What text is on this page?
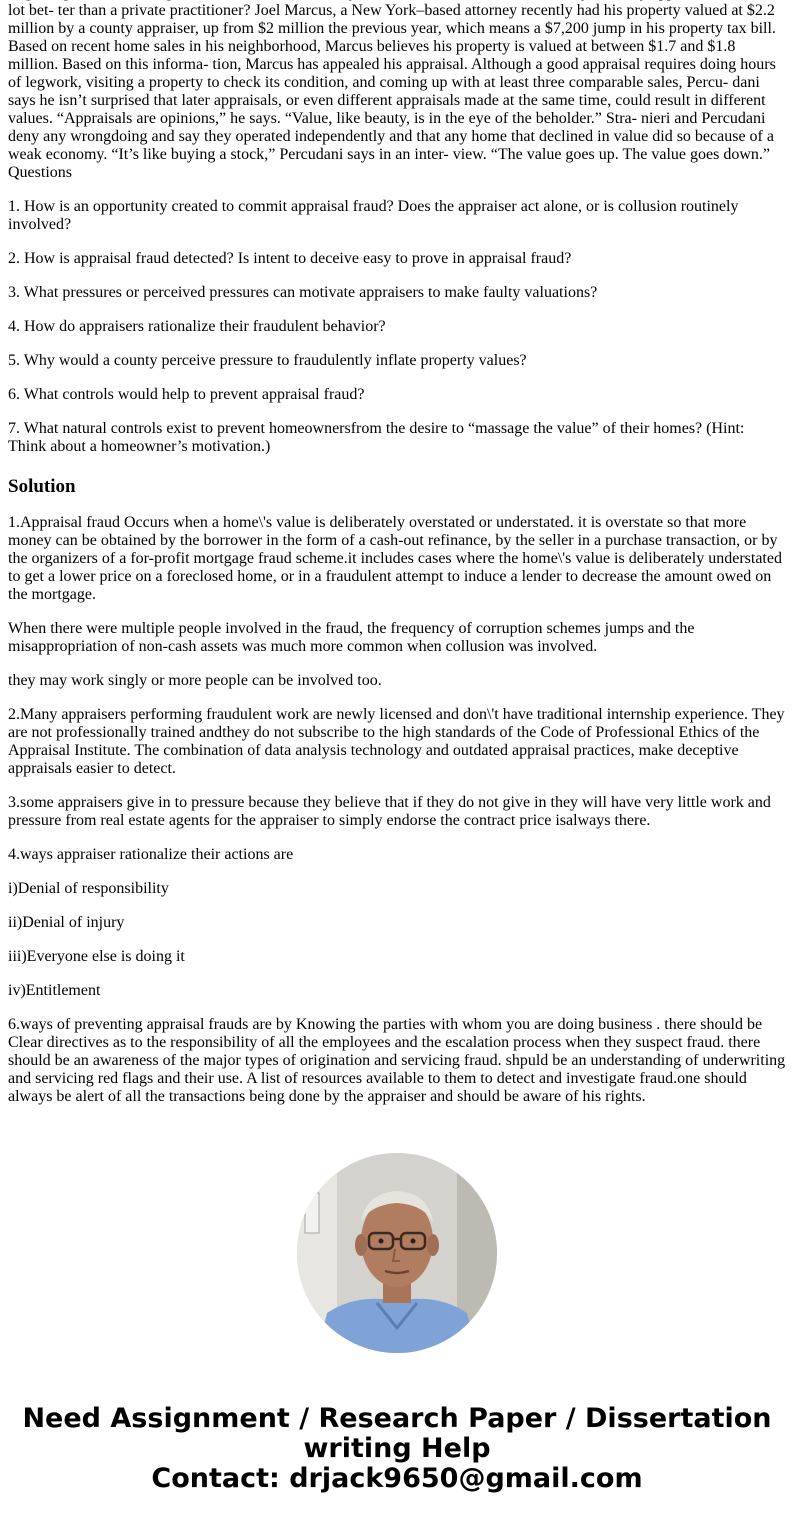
lot bet- ter than a private practitioner? Joel Marcus, a New York–based attorney recently had his property valued at $2.2 million by a county appraiser, up from $2 million the previous year, which means a $7,200 jump in his property tax bill. Based on recent home sales in his neighborhood, Marcus believes his property is valued at between $1.7 and $1.8 million. Based on this informa- tion, Marcus has appealed his appraisal. Although a good appraisal requires doing hours of legwork, visiting a property to check its condition, and coming up with at least three comparable sales, Percu- dani says he isn’t surprised that later appraisals, or even different appraisals made at the same time, could result in different values. “Appraisals are opinions,” he says. “Value, like beauty, is in the eye of the beholder.” Stra- nieri and Percudani deny any wrongdoing and say they operated independently and that any home that declined in value did so because of a weak economy. “It’s like buying a stock,” Percudani says in an inter- view. “The value goes up. The value goes down.” Questions

1. How is an opportunity created to commit appraisal fraud? Does the appraiser act alone, or is collusion routinely involved?

2. How is appraisal fraud detected? Is intent to deceive easy to prove in appraisal fraud?

3. What pressures or perceived pressures can motivate appraisers to make faulty valuations?

4. How do appraisers rationalize their fraudulent behavior?

5. Why would a county perceive pressure to fraudulently inflate property values?

6. What controls would help to prevent appraisal fraud?

7. What natural controls exist to prevent homeownersfrom the desire to “massage the value” of their homes? (Hint: Think about a homeowner’s motivation.)

Solution

1.Appraisal fraud Occurs when a home\'s value is deliberately overstated or understated. it is overstate so that more money can be obtained by the borrower in the form of a cash-out refinance, by the seller in a purchase transaction, or by the organizers of a for-profit mortgage fraud scheme.it includes cases where the home\'s value is deliberately understated to get a lower price on a foreclosed home, or in a fraudulent attempt to induce a lender to decrease the amount owed on the mortgage.

When there were multiple people involved in the fraud, the frequency of corruption schemes jumps and the misappropriation of non-cash assets was much more common when collusion was involved.

they may work singly or more people can be involved too.

2.Many appraisers performing fraudulent work are newly licensed and don\'t have traditional internship experience. They are not professionally trained andthey do not subscribe to the high standards of the Code of Professional Ethics of the Appraisal Institute. The combination of data analysis technology and outdated appraisal practices, make deceptive appraisals easier to detect.

3.some appraisers give in to pressure because they believe that if they do not give in they will have very little work and pressure from real estate agents for the appraiser to simply endorse the contract price isalways there.

4.ways appraiser rationalize their actions are

i)Denial of responsibility

ii)Denial of injury

iii)Everyone else is doing it

iv)Entitlement

6.ways of preventing appraisal frauds are by Knowing the parties with whom you are doing business . there should be Clear directives as to the responsibility of all the employees and the escalation process when they suspect fraud. there should be an awareness of the major types of origination and servicing fraud. shpuld be an understanding of underwriting and servicing red flags and their use. A list of resources available to them to detect and investigate fraud.one should always be alert of all the transactions being done by the appraiser and should be aware of his rights.

Need Assignment / Research Paper / Dissertation
writing Help
Contact: drjack9650@gmail.com
